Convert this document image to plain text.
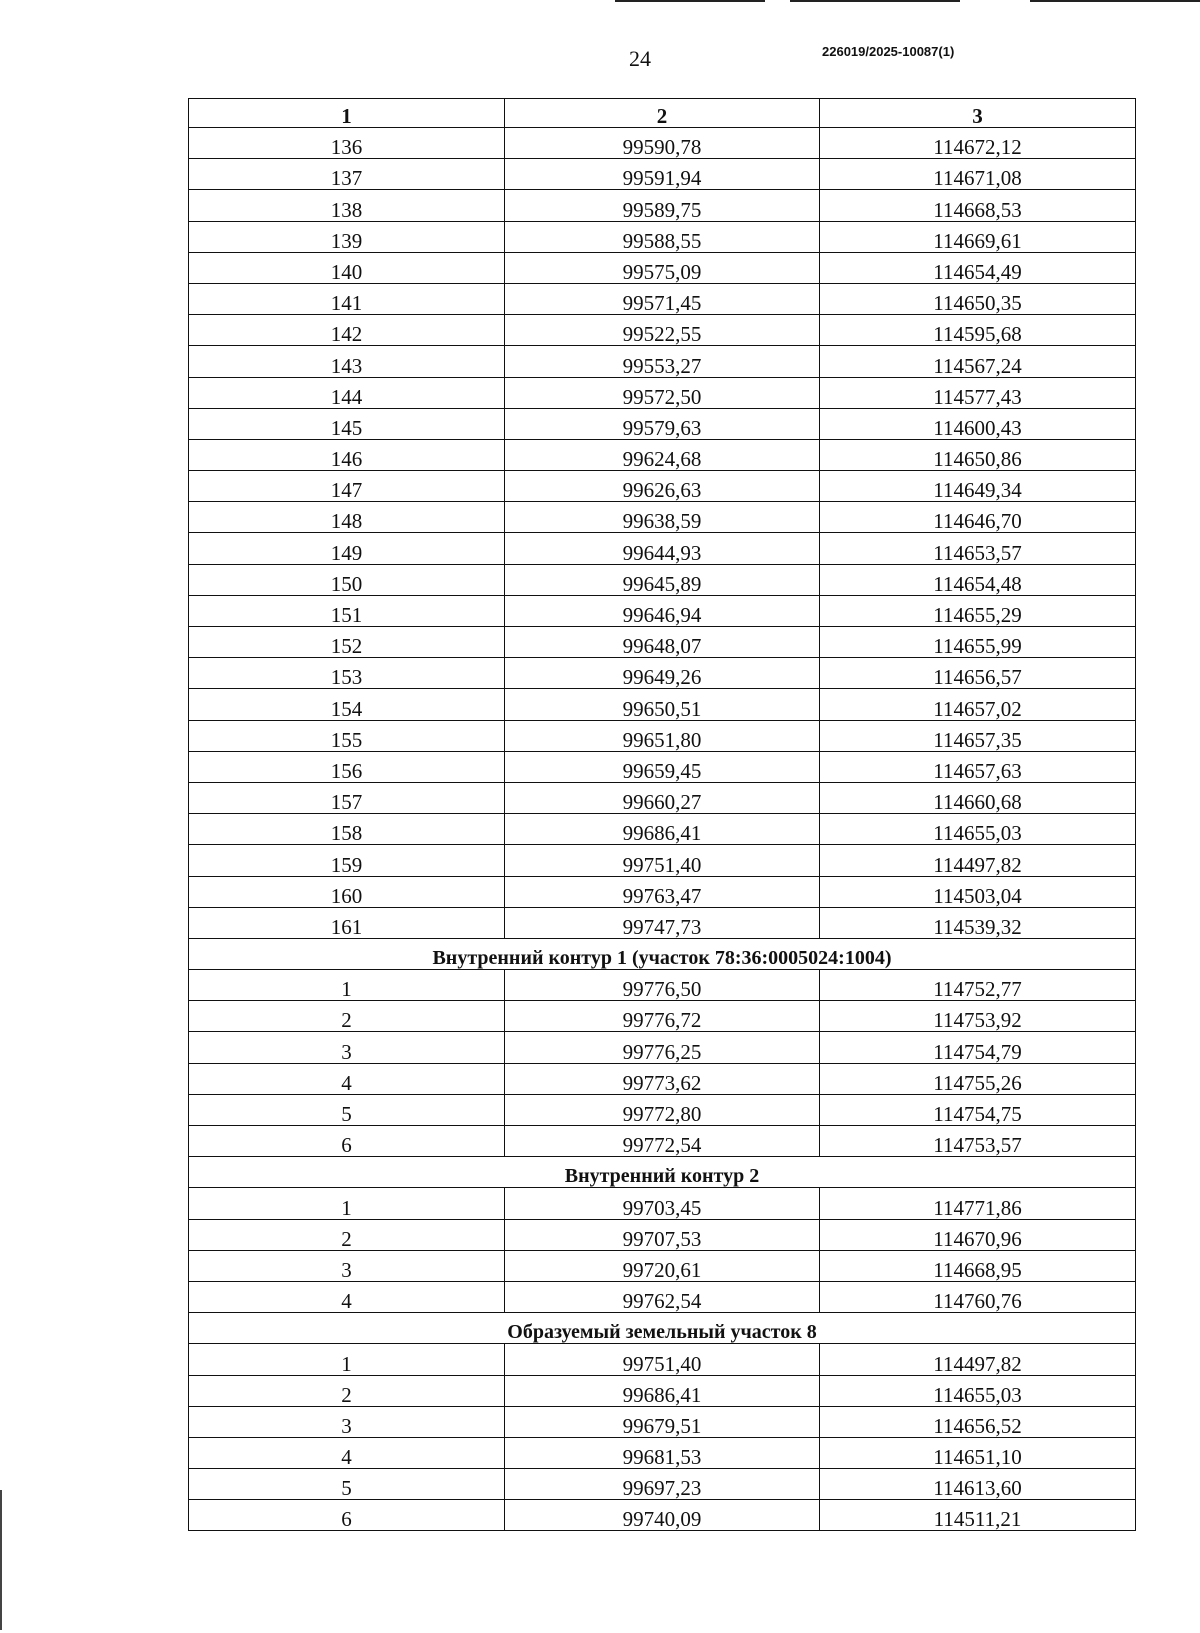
24	226019/2025-10087(1)
1	2	3
136	99590,78	114672,12
137	99591,94	114671,08
138	99589,75	114668,53
139	99588,55	114669,61
140	99575,09	114654,49
141	99571,45	114650,35
142	99522,55	114595,68
143	99553,27	114567,24
144	99572,50	114577,43
145	99579,63	114600,43
146	99624,68	114650,86
147	99626,63	114649,34
148	99638,59	114646,70
149	99644,93	114653,57
150	99645,89	114654,48
151	99646,94	114655,29
152	99648,07	114655,99
153	99649,26	114656,57
154	99650,51	114657,02
155	99651,80	114657,35
156	99659,45	114657,63
157	99660,27	114660,68
158	99686,41	114655,03
159	99751,40	114497,82
160	99763,47	114503,04
161	99747,73	114539,32
Внутренний контур 1 (участок 78:36:0005024:1004)		
1	99776,50	114752,77
2	99776,72	114753,92
3	99776,25	114754,79
4	99773,62	114755,26
5	99772,80	114754,75
6	99772,54	114753,57
Внутренний контур 2		
1	99703,45	114771,86
2	99707,53	114670,96
3	99720,61	114668,95
4	99762,54	114760,76
Образуемый земельный участок 8		
1	99751,40	114497,82
2	99686,41	114655,03
3	99679,51	114656,52
4	99681,53	114651,10
5	99697,23	114613,60
6	99740,09	114511,21
